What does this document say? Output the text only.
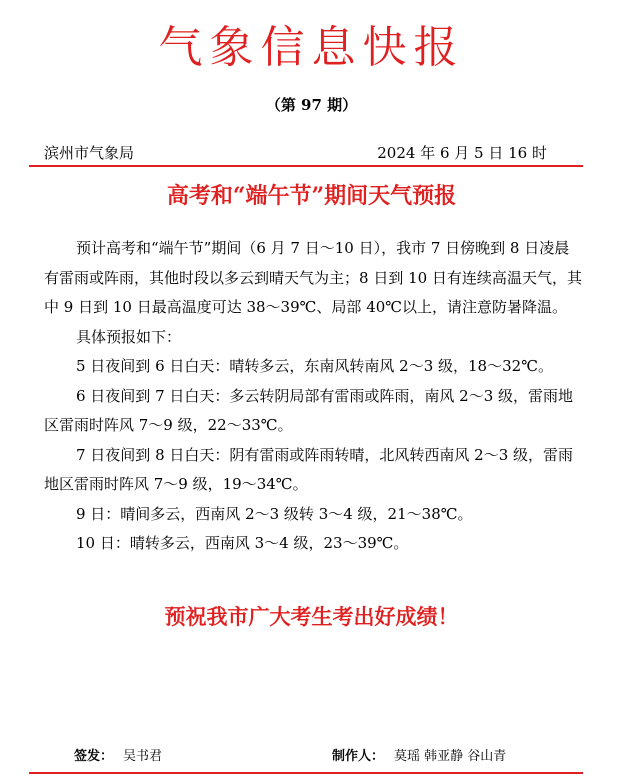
气象信息快报
（第 97 期）
滨州市气象局	2024 年 6 月 5 日 16 时
高考和“端午节”期间天气预报

预计高考和“端午节”期间（6 月 7 日～10 日），我市 7 日傍晚到 8 日凌晨有雷雨或阵雨，其他时段以多云到晴天气为主；8 日到 10 日有连续高温天气，其中 9 日到 10 日最高温度可达 38～39℃、局部 40℃以上，请注意防暑降温。

具体预报如下：

5 日夜间到 6 日白天：晴转多云，东南风转南风 2～3 级，18～32℃。

6 日夜间到 7 日白天：多云转阴局部有雷雨或阵雨，南风 2～3 级，雷雨地区雷雨时阵风 7～9 级，22～33℃。

7 日夜间到 8 日白天：阴有雷雨或阵雨转晴，北风转西南风 2～3 级，雷雨地区雷雨时阵风 7～9 级，19～34℃。

9 日：晴间多云，西南风 2～3 级转 3～4 级，21～38℃。

10 日：晴转多云，西南风 3～4 级，23～39℃。

预祝我市广大考生考出好成绩！
签发： 吴书君	制作人： 莫瑶 韩亚静 谷山青
